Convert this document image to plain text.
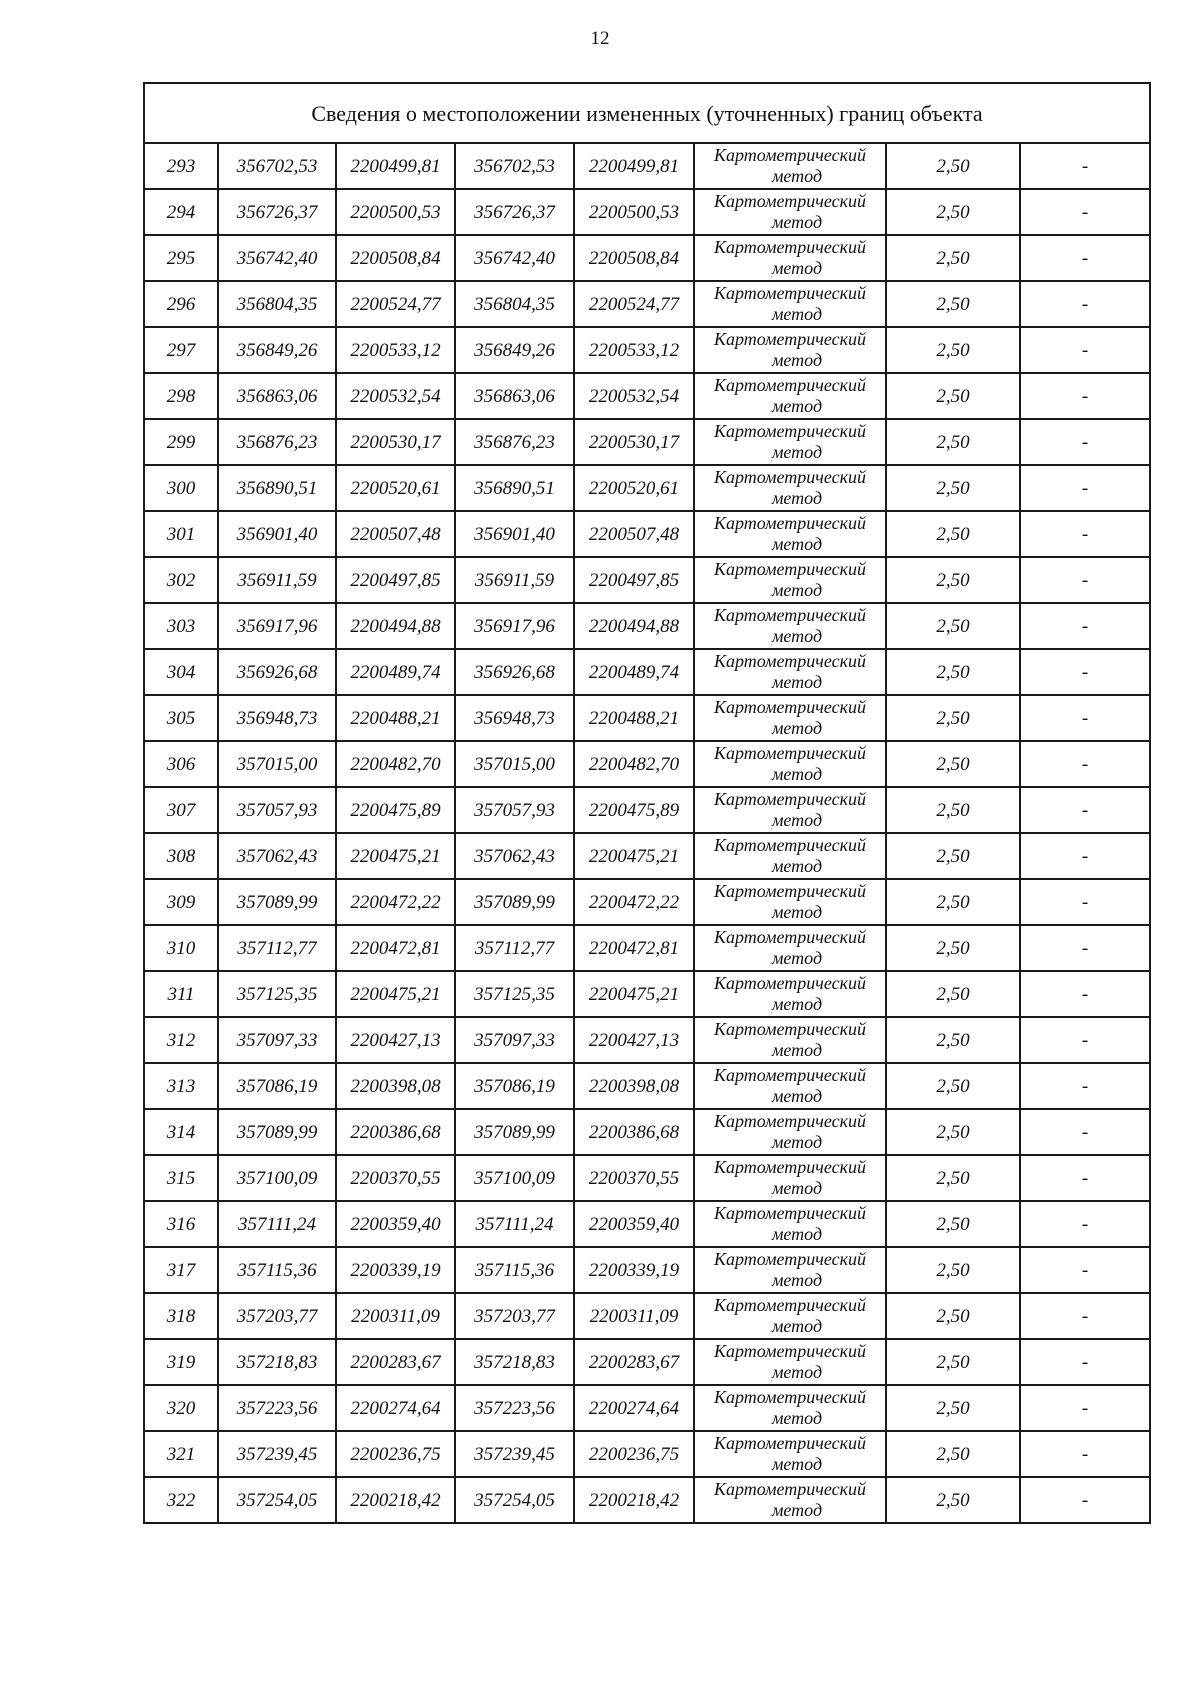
12
Сведения о местоположении измененных (уточненных) границ объекта							
293	356702,53	2200499,81	356702,53	2200499,81	Картометрический
метод	2,50	-
294	356726,37	2200500,53	356726,37	2200500,53	Картометрический
метод	2,50	-
295	356742,40	2200508,84	356742,40	2200508,84	Картометрический
метод	2,50	-
296	356804,35	2200524,77	356804,35	2200524,77	Картометрический
метод	2,50	-
297	356849,26	2200533,12	356849,26	2200533,12	Картометрический
метод	2,50	-
298	356863,06	2200532,54	356863,06	2200532,54	Картометрический
метод	2,50	-
299	356876,23	2200530,17	356876,23	2200530,17	Картометрический
метод	2,50	-
300	356890,51	2200520,61	356890,51	2200520,61	Картометрический
метод	2,50	-
301	356901,40	2200507,48	356901,40	2200507,48	Картометрический
метод	2,50	-
302	356911,59	2200497,85	356911,59	2200497,85	Картометрический
метод	2,50	-
303	356917,96	2200494,88	356917,96	2200494,88	Картометрический
метод	2,50	-
304	356926,68	2200489,74	356926,68	2200489,74	Картометрический
метод	2,50	-
305	356948,73	2200488,21	356948,73	2200488,21	Картометрический
метод	2,50	-
306	357015,00	2200482,70	357015,00	2200482,70	Картометрический
метод	2,50	-
307	357057,93	2200475,89	357057,93	2200475,89	Картометрический
метод	2,50	-
308	357062,43	2200475,21	357062,43	2200475,21	Картометрический
метод	2,50	-
309	357089,99	2200472,22	357089,99	2200472,22	Картометрический
метод	2,50	-
310	357112,77	2200472,81	357112,77	2200472,81	Картометрический
метод	2,50	-
311	357125,35	2200475,21	357125,35	2200475,21	Картометрический
метод	2,50	-
312	357097,33	2200427,13	357097,33	2200427,13	Картометрический
метод	2,50	-
313	357086,19	2200398,08	357086,19	2200398,08	Картометрический
метод	2,50	-
314	357089,99	2200386,68	357089,99	2200386,68	Картометрический
метод	2,50	-
315	357100,09	2200370,55	357100,09	2200370,55	Картометрический
метод	2,50	-
316	357111,24	2200359,40	357111,24	2200359,40	Картометрический
метод	2,50	-
317	357115,36	2200339,19	357115,36	2200339,19	Картометрический
метод	2,50	-
318	357203,77	2200311,09	357203,77	2200311,09	Картометрический
метод	2,50	-
319	357218,83	2200283,67	357218,83	2200283,67	Картометрический
метод	2,50	-
320	357223,56	2200274,64	357223,56	2200274,64	Картометрический
метод	2,50	-
321	357239,45	2200236,75	357239,45	2200236,75	Картометрический
метод	2,50	-
322	357254,05	2200218,42	357254,05	2200218,42	Картометрический
метод	2,50	-
